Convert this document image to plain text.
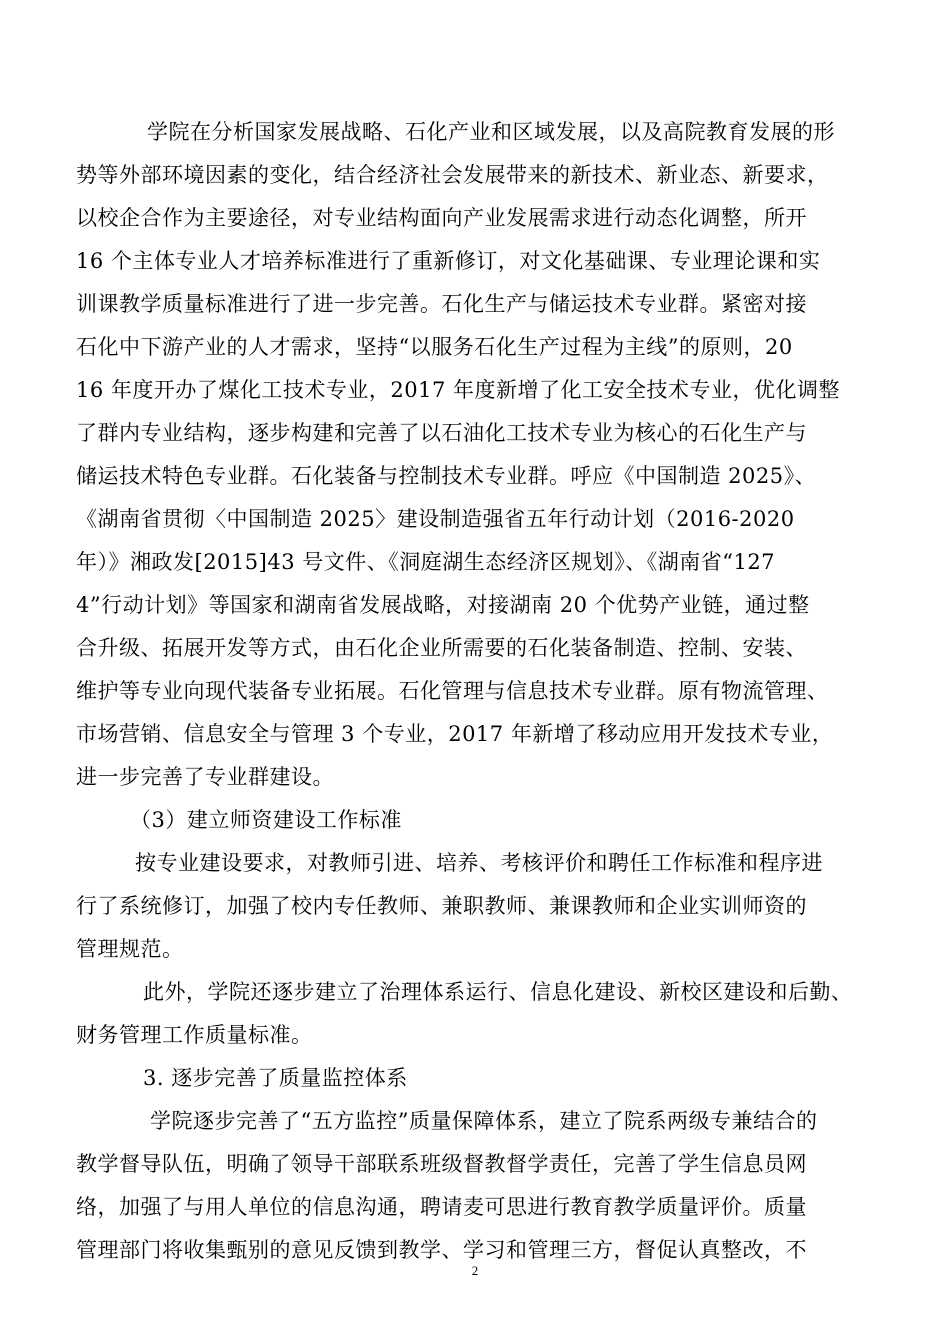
学院在分析国家发展战略、石化产业和区域发展，以及高院教育发展的形

势等外部环境因素的变化，结合经济社会发展带来的新技术、新业态、新要求，

以校企合作为主要途径，对专业结构面向产业发展需求进行动态化调整，所开

16 个主体专业人才培养标准进行了重新修订，对文化基础课、专业理论课和实

训课教学质量标准进行了进一步完善。石化生产与储运技术专业群。紧密对接

石化中下游产业的人才需求，坚持“以服务石化生产过程为主线”的原则，20

16 年度开办了煤化工技术专业，2017 年度新增了化工安全技术专业，优化调整

了群内专业结构，逐步构建和完善了以石油化工技术专业为核心的石化生产与

储运技术特色专业群。石化装备与控制技术专业群。呼应《中国制造 2025》、

《湖南省贯彻〈中国制造 2025〉建设制造强省五年行动计划（2016-2020

年）》湘政发[2015]43 号文件、《洞庭湖生态经济区规划》、《湖南省“127

4”行动计划》等国家和湖南省发展战略，对接湖南 20 个优势产业链，通过整

合升级、拓展开发等方式，由石化企业所需要的石化装备制造、控制、安装、

维护等专业向现代装备专业拓展。石化管理与信息技术专业群。原有物流管理、

市场营销、信息安全与管理 3 个专业，2017 年新增了移动应用开发技术专业，

进一步完善了专业群建设。

（3）建立师资建设工作标准

按专业建设要求，对教师引进、培养、考核评价和聘任工作标准和程序进

行了系统修订，加强了校内专任教师、兼职教师、兼课教师和企业实训师资的

管理规范。

此外，学院还逐步建立了治理体系运行、信息化建设、新校区建设和后勤、

财务管理工作质量标准。

3. 逐步完善了质量监控体系

学院逐步完善了“五方监控”质量保障体系，建立了院系两级专兼结合的

教学督导队伍，明确了领导干部联系班级督教督学责任，完善了学生信息员网

络，加强了与用人单位的信息沟通，聘请麦可思进行教育教学质量评价。质量

管理部门将收集甄别的意见反馈到教学、学习和管理三方，督促认真整改，不

2
